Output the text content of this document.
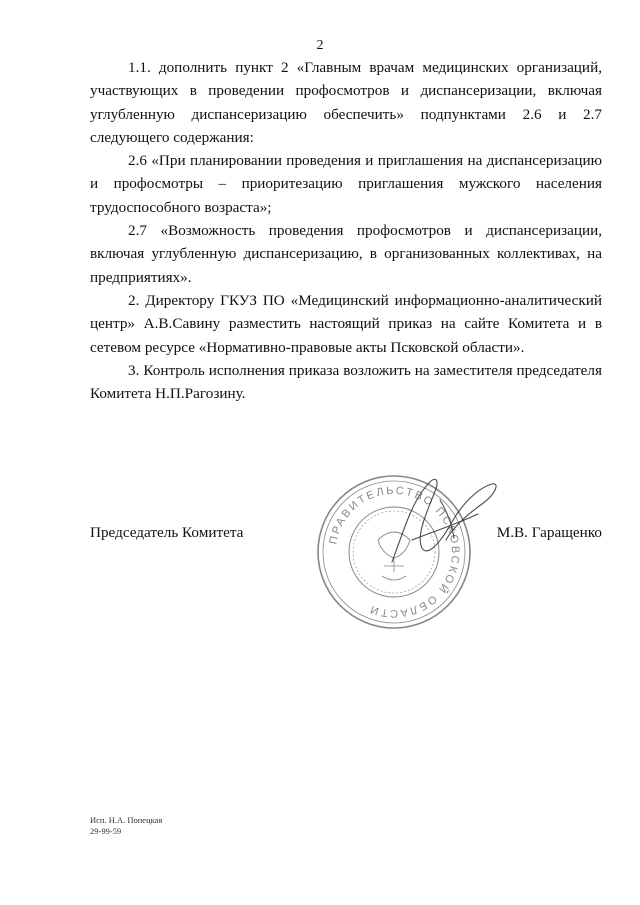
2

1.1. дополнить пункт 2 «Главным врачам медицинских организаций, участвующих в проведении профосмотров и диспансеризации, включая углубленную диспансеризацию обеспечить» подпунктами 2.6 и 2.7 следующего содержания:

2.6 «При планировании проведения и приглашения на диспансеризацию и профосмотры – приоритезацию приглашения мужского населения трудоспособного возраста»;

2.7 «Возможность проведения профосмотров и диспансеризации, включая углубленную диспансеризацию, в организованных коллективах, на предприятиях».

2. Директору ГКУЗ ПО «Медицинский информационно-аналитический центр» А.В.Савину разместить настоящий приказ на сайте Комитета и в сетевом ресурсе «Нормативно-правовые акты Псковской области».

3. Контроль исполнения приказа возложить на заместителя председателя Комитета Н.П.Рагозину.

Председатель Комитета	М.В. Гаращенко
ПРАВИТЕЛЬСТВО ПСКОВСКОЙ ОБЛАСТИ
Исп. Н.А. Попецкая
29-99-59
